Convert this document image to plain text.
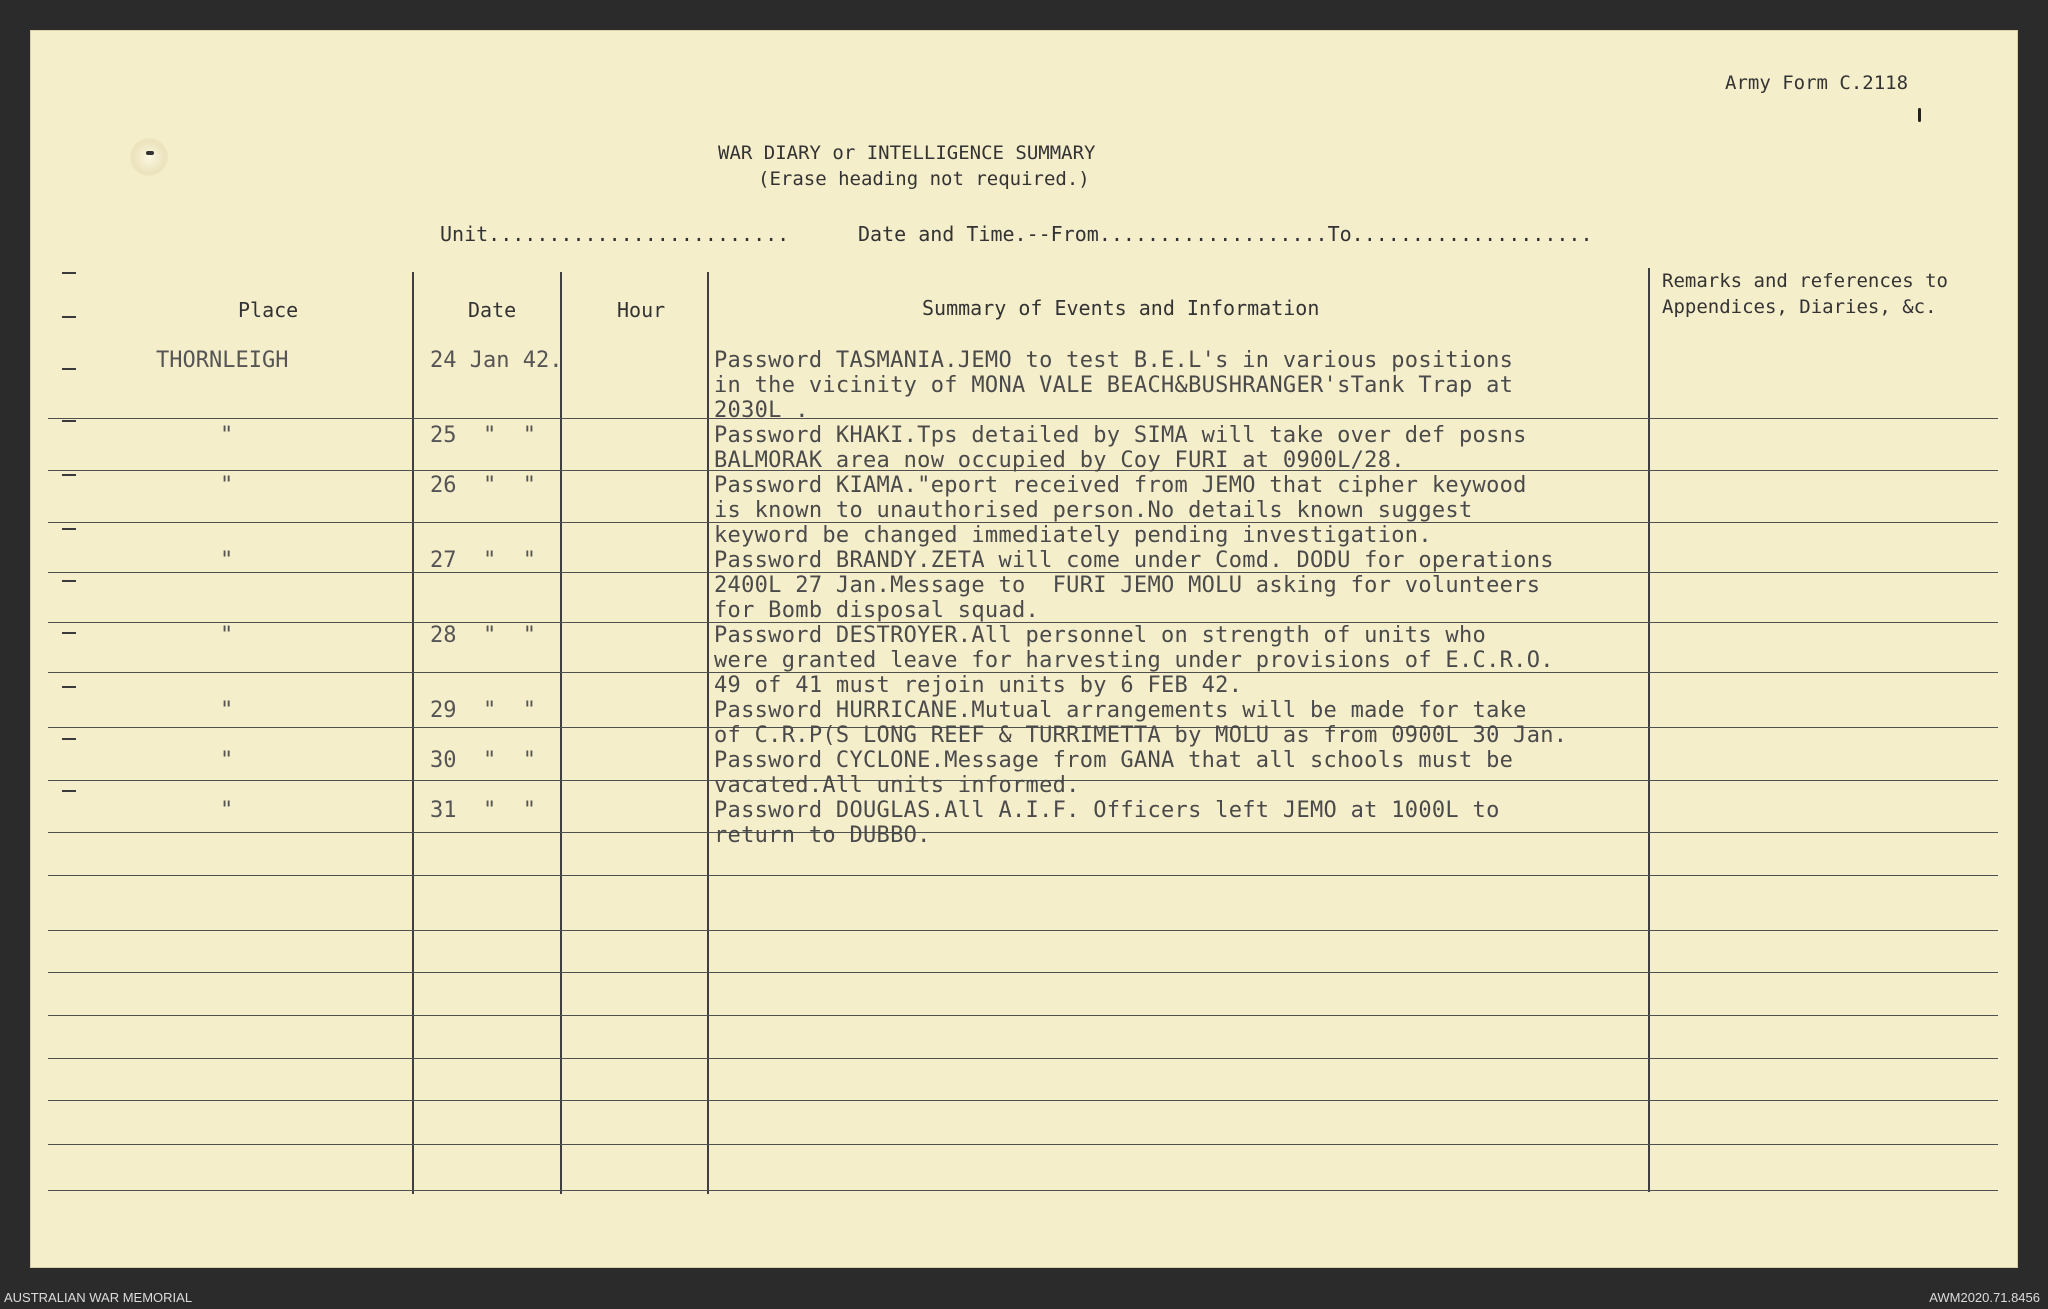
Army Form C.2118
WAR DIARY or INTELLIGENCE SUMMARY
(Erase heading not required.)
Unit.........................	Date and Time.--From...................To....................
Place	Date	Hour	Summary of Events and Information
Remarks and references to
Appendices, Diaries, &c.
THORNLEIGH	24 Jan 42.	Password TASMANIA.JEMO to test B.E.L's in various positions
in the vicinity of MONA VALE BEACH&BUSHRANGER'sTank Trap at
2030L .
"	25  "  "	Password KHAKI.Tps detailed by SIMA will take over def posns
BALMORAK area now occupied by Coy FURI at 0900L/28.
"	26  "  "	Password KIAMA."eport received from JEMO that cipher keywood
is known to unauthorised person.No details known suggest
keyword be changed immediately pending investigation.
"	27  "  "	Password BRANDY.ZETA will come under Comd. DODU for operations
2400L 27 Jan.Message to  FURI JEMO MOLU asking for volunteers
for Bomb disposal squad.
"	28  "  "	Password DESTROYER.All personnel on strength of units who
were granted leave for harvesting under provisions of E.C.R.O.
49 of 41 must rejoin units by 6 FEB 42.
"	29  "  "	Password HURRICANE.Mutual arrangements will be made for take
of C.R.P(S LONG REEF & TURRIMETTA by MOLU as from 0900L 30 Jan.
"	30  "  "	Password CYCLONE.Message from GANA that all schools must be
vacated.All units informed.
"	31  "  "	Password DOUGLAS.All A.I.F. Officers left JEMO at 1000L to
return to DUBBO.
AUSTRALIAN WAR MEMORIAL	AWM2020.71.8456
